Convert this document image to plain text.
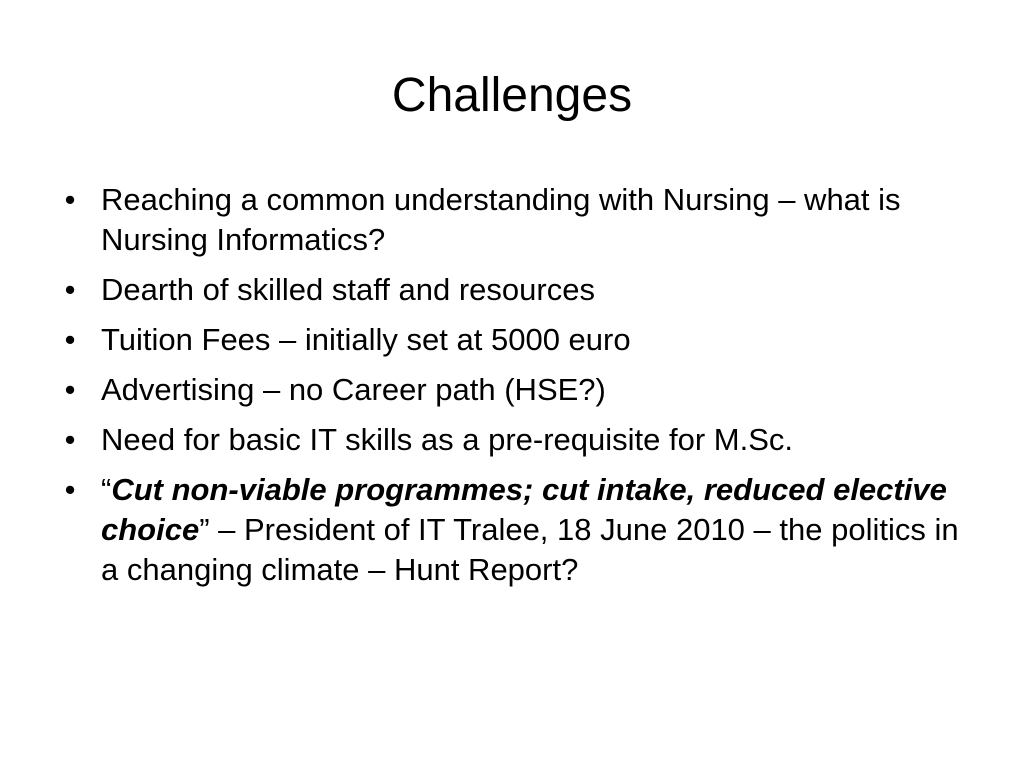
Challenges
• Reaching a common understanding with Nursing – what is Nursing Informatics?
• Dearth of skilled staff and resources
• Tuition Fees – initially set at 5000 euro
• Advertising – no Career path (HSE?)
• Need for basic IT skills as a pre-requisite for M.Sc.
• “Cut non-viable programmes; cut intake, reduced elective choice” – President of IT Tralee, 18 June 2010 – the politics in a changing climate – Hunt Report?
